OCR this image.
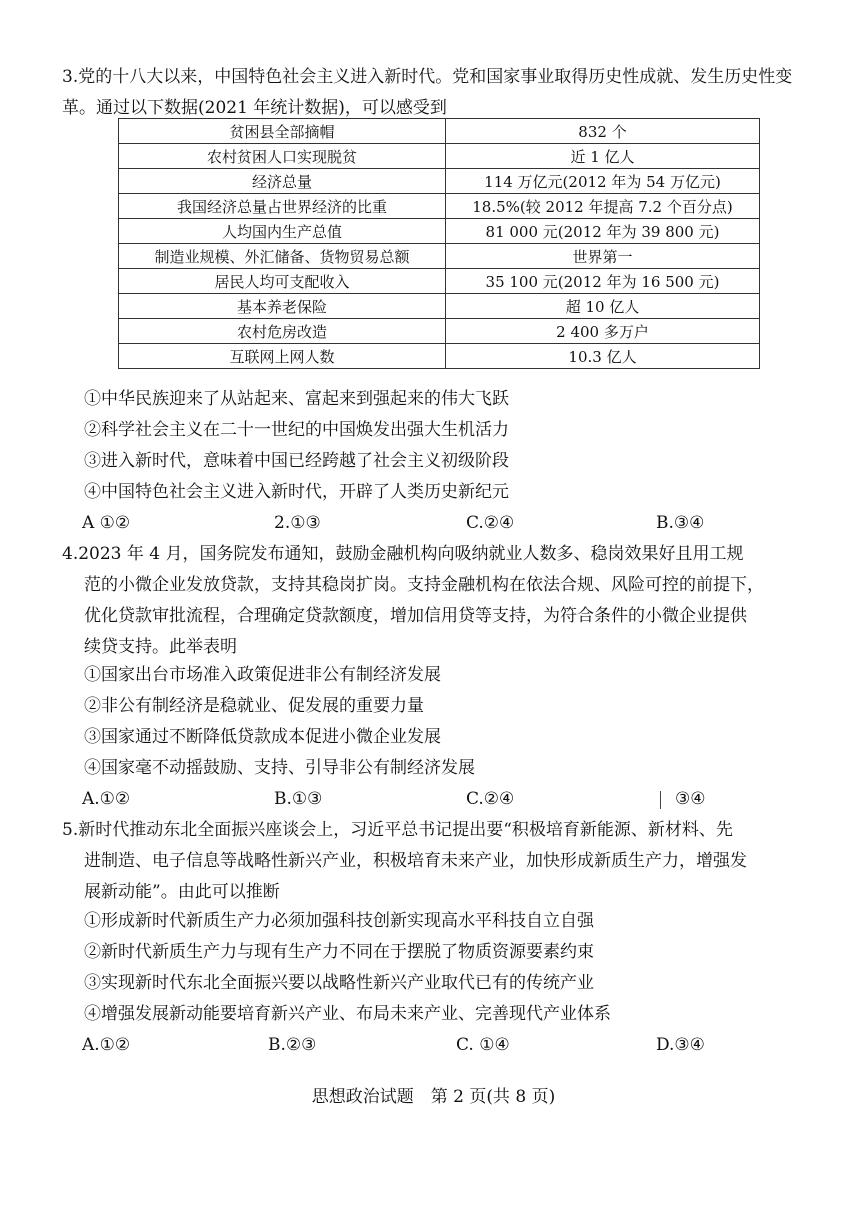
3.党的十八大以来，中国特色社会主义进入新时代。党和国家事业取得历史性成就、发生历史性变革。通过以下数据(2021 年统计数据)，可以感受到
贫困县全部摘帽	832 个
农村贫困人口实现脱贫	近 1 亿人
经济总量	114 万亿元(2012 年为 54 万亿元)
我国经济总量占世界经济的比重	18.5%(较 2012 年提高 7.2 个百分点)
人均国内生产总值	81 000 元(2012 年为 39 800 元)
制造业规模、外汇储备、货物贸易总额	世界第一
居民人均可支配收入	35 100 元(2012 年为 16 500 元)
基本养老保险	超 10 亿人
农村危房改造	2 400 多万户
互联网上网人数	10.3 亿人
①中华民族迎来了从站起来、富起来到强起来的伟大飞跃
②科学社会主义在二十一世纪的中国焕发出强大生机活力
③进入新时代，意味着中国已经跨越了社会主义初级阶段
④中国特色社会主义进入新时代，开辟了人类历史新纪元
A ①②	2.①③	C.②④	B.③④
4.2023 年 4 月，国务院发布通知，鼓励金融机构向吸纳就业人数多、稳岗效果好且用工规
范的小微企业发放贷款，支持其稳岗扩岗。支持金融机构在依法合规、风险可控的前提下，
优化贷款审批流程，合理确定贷款额度，增加信用贷等支持，为符合条件的小微企业提供
续贷支持。此举表明
①国家出台市场准入政策促进非公有制经济发展
②非公有制经济是稳就业、促发展的重要力量
③国家通过不断降低贷款成本促进小微企业发展
④国家毫不动摇鼓励、支持、引导非公有制经济发展
A.①②	B.①③	C.②④	③④
5.新时代推动东北全面振兴座谈会上，习近平总书记提出要“积极培育新能源、新材料、先
进制造、电子信息等战略性新兴产业，积极培育未来产业，加快形成新质生产力，增强发
展新动能”。由此可以推断
①形成新时代新质生产力必须加强科技创新实现高水平科技自立自强
②新时代新质生产力与现有生产力不同在于摆脱了物质资源要素约束
③实现新时代东北全面振兴要以战略性新兴产业取代已有的传统产业
④增强发展新动能要培育新兴产业、布局未来产业、完善现代产业体系
A.①②	B.②③	C. ①④	D.③④
思想政治试题　第 2 页(共 8 页)
